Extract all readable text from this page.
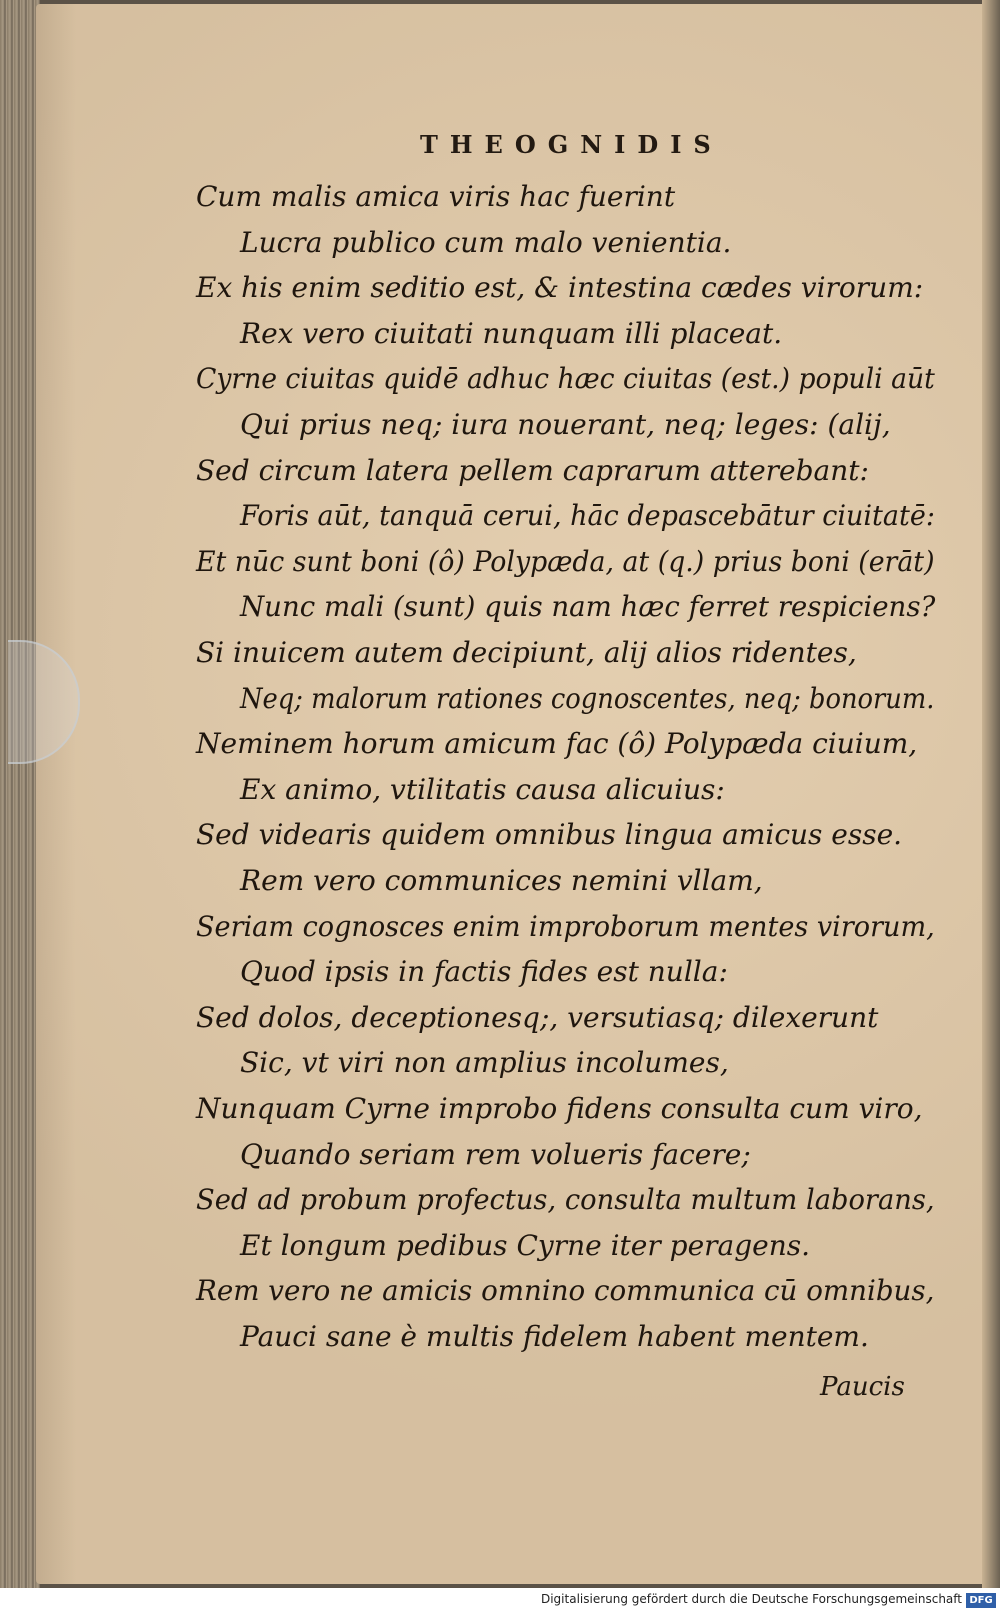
THEOGNIDIS
Cum malis amica viris hac fuerint
Lucra publico cum malo venientia.
Ex his enim seditio est, & intestina cædes virorum:
Rex vero ciuitati nunquam illi placeat.
Cyrne ciuitas quidē adhuc hæc ciuitas (est.) populi aūt
Qui prius neq; iura nouerant, neq; leges: (alij,
Sed circum latera pellem caprarum atterebant:
Foris aūt, tanquā cerui, hāc depascebātur ciuitatē:
Et nūc sunt boni (ô) Polypæda, at (q.) prius boni (erāt)
Nunc mali (sunt) quis nam hæc ferret respiciens?
Si inuicem autem decipiunt, alij alios ridentes,
Neq; malorum rationes cognoscentes, neq; bonorum.
Neminem horum amicum fac (ô) Polypæda ciuium,
Ex animo, vtilitatis causa alicuius:
Sed videaris quidem omnibus lingua amicus esse.
Rem vero communices nemini vllam,
Seriam cognosces enim improborum mentes virorum,
Quod ipsis in factis fides est nulla:
Sed dolos, deceptionesq;, versutiasq; dilexerunt
Sic, vt viri non amplius incolumes,
Nunquam Cyrne improbo fidens consulta cum viro,
Quando seriam rem volueris facere;
Sed ad probum profectus, consulta multum laborans,
Et longum pedibus Cyrne iter peragens.
Rem vero ne amicis omnino communica cū omnibus,
Pauci sane è multis fidelem habent mentem.
Paucis
Digitalisierung gefördert durch die Deutsche Forschungsgemeinschaft DFG
